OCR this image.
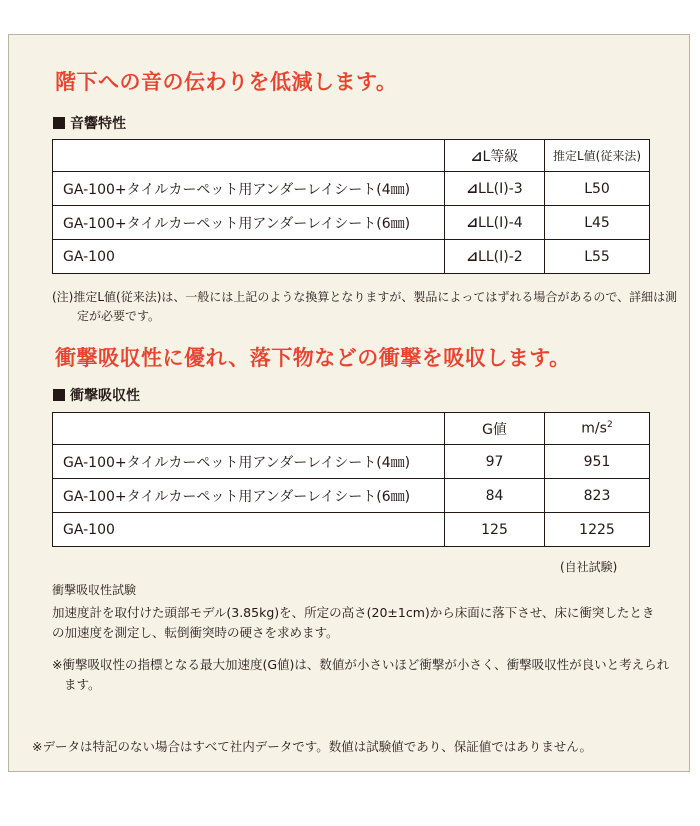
階下への音の伝わりを低減します。
音響特性
	⊿L等級	推定L値(従来法)
GA-100+タイルカーペット用アンダーレイシート(4㎜)	⊿LL(Ⅰ)-3	L50
GA-100+タイルカーペット用アンダーレイシート(6㎜)	⊿LL(Ⅰ)-4	L45
GA-100	⊿LL(Ⅰ)-2	L55

(注)推定L値(従来法)は、一般には上記のような換算となりますが、製品によってはずれる場合があるので、詳細は測定が必要です。

衝撃吸収性に優れ、落下物などの衝撃を吸収します。
衝撃吸収性
	G値	$m/s^2$
GA-100+タイルカーペット用アンダーレイシート(4㎜)	97	951
GA-100+タイルカーペット用アンダーレイシート(6㎜)	84	823
GA-100	125	1225

(自社試験)

衝撃吸収性試験

加速度計を取付けた頭部モデル(3.85kg)を、所定の高さ(20±1cm)から床面に落下させ、床に衝突したときの加速度を測定し、転倒衝突時の硬さを求めます。

※衝撃吸収性の指標となる最大加速度(G値)は、数値が小さいほど衝撃が小さく、衝撃吸収性が良いと考えられます。

※データは特記のない場合はすべて社内データです。数値は試験値であり、保証値ではありません。
